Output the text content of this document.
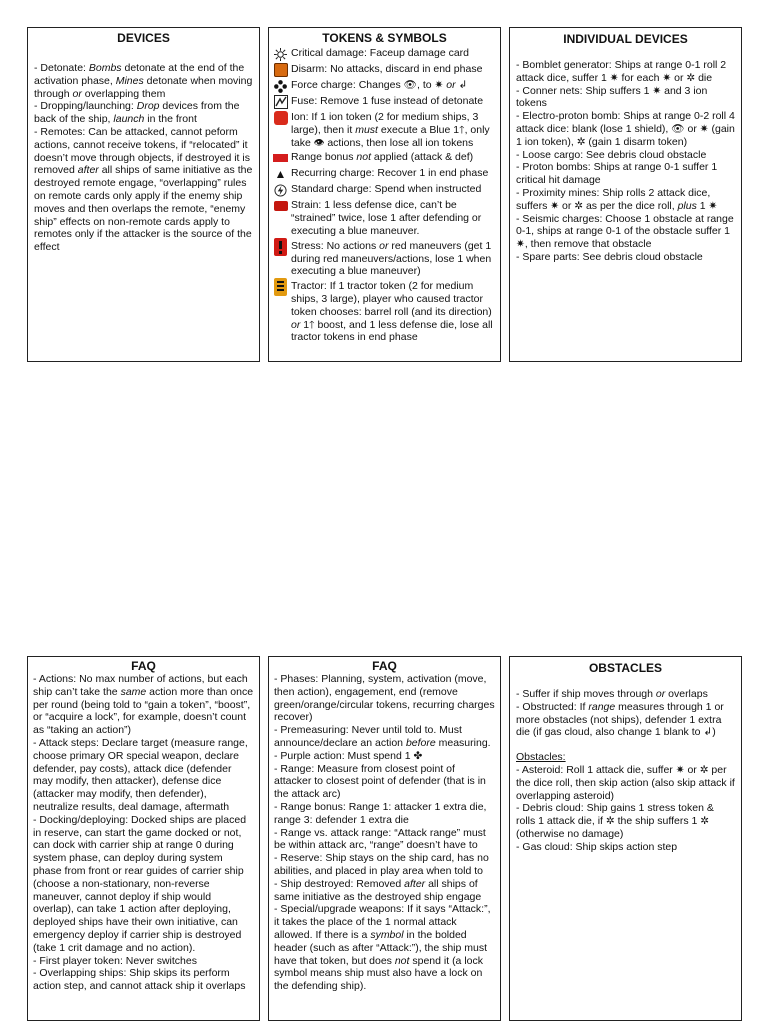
DEVICES

- Detonate: Bombs detonate at the end of the activation phase, Mines detonate when moving through or overlapping them

- Dropping/launching: Drop devices from the back of the ship, launch in the front

- Remotes: Can be attacked, cannot peform actions, cannot receive tokens, if “relocated” it doesn’t move through objects, if destroyed it is removed after all ships of same initiative as the destroyed remote engage, “overlapping” rules on remote cards only apply if the enemy ship moves and then overlaps the remote, “enemy ship” effects on non-remote cards apply to remotes only if the attacker is the source of the effect

TOKENS & SYMBOLS
Critical damage: Faceup damage card
Disarm: No attacks, discard in end phase
Force charge: Changes 👁, to ✷ or ↲
Fuse: Remove 1 fuse instead of detonate
Ion: If 1 ion token (2 for medium ships, 3 large), then it must execute a Blue 1🡑, only take 👁 actions, then lose all ion tokens
Range bonus not applied (attack & def)
▲ Recurring charge: Recover 1 in end phase
Standard charge: Spend when instructed
Strain: 1 less defense dice, can’t be “strained” twice, lose 1 after defending or executing a blue maneuver.
Stress: No actions or red maneuvers (get 1 during red maneuvers/actions, lose 1 when executing a blue maneuver)
Tractor: If 1 tractor token (2 for medium ships, 3 large), player who caused tractor token chooses: barrel roll (and its direction) or 1🡑 boost, and 1 less defense die, lose all tractor tokens in end phase
INDIVIDUAL DEVICES

- Bomblet generator: Ships at range 0-1 roll 2 attack dice, suffer 1 ✷ for each ✷ or ✲ die

- Conner nets: Ship suffers 1 ✷ and 3 ion tokens

- Electro-proton bomb: Ships at range 0-2 roll 4 attack dice: blank (lose 1 shield), 👁 or ✷ (gain 1 ion token), ✲ (gain 1 disarm token)

- Loose cargo: See debris cloud obstacle

- Proton bombs: Ships at range 0-1 suffer 1 critical hit damage

- Proximity mines: Ship rolls 2 attack dice, suffers ✷ or ✲ as per the dice roll, plus 1 ✷

- Seismic charges: Choose 1 obstacle at range 0-1, ships at range 0-1 of the obstacle suffer 1 ✷, then remove that obstacle

- Spare parts: See debris cloud obstacle

FAQ

- Actions: No max number of actions, but each ship can’t take the same action more than once per round (being told to “gain a token”, “boost”, or “acquire a lock”, for example, doesn’t count as “taking an action”)

- Attack steps: Declare target (measure range, choose primary OR special weapon, declare defender, pay costs), attack dice (defender may modify, then attacker), defense dice (attacker may modify, then defender), neutralize results, deal damage, aftermath

- Docking/deploying: Docked ships are placed in reserve, can start the game docked or not, can dock with carrier ship at range 0 during system phase, can deploy during system phase from front or rear guides of carrier ship (choose a non-stationary, non-reverse maneuver, cannot deploy if ship would overlap), can take 1 action after deploying, deployed ships have their own initiative, can emergency deploy if carrier ship is destroyed (take 1 crit damage and no action).

- First player token: Never switches

- Overlapping ships: Ship skips its perform action step, and cannot attack ship it overlaps

FAQ

- Phases: Planning, system, activation (move, then action), engagement, end (remove green/orange/circular tokens, recurring charges recover)

- Premeasuring: Never until told to. Must announce/declare an action before measuring.

- Purple action: Must spend 1 ✤

- Range: Measure from closest point of attacker to closest point of defender (that is in the attack arc)

- Range bonus: Range 1: attacker 1 extra die, range 3: defender 1 extra die

- Range vs. attack range: “Attack range” must be within attack arc, “range” doesn’t have to

- Reserve: Ship stays on the ship card, has no abilities, and placed in play area when told to

- Ship destroyed: Removed after all ships of same initiative as the destroyed ship engage

- Special/upgrade weapons: If it says “Attack:”, it takes the place of the 1 normal attack allowed. If there is a symbol in the bolded header (such as after “Attack:”), the ship must have that token, but does not spend it (a lock symbol means ship must also have a lock on the defending ship).

OBSTACLES

- Suffer if ship moves through or overlaps

- Obstructed: If range measures through 1 or more obstacles (not ships), defender 1 extra die (if gas cloud, also change 1 blank to ↲)

Obstacles:

- Asteroid: Roll 1 attack die, suffer ✷ or ✲ per the dice roll, then skip action (also skip attack if overlapping asteroid)

- Debris cloud: Ship gains 1 stress token & rolls 1 attack die, if ✲ the ship suffers 1 ✲ (otherwise no damage)

- Gas cloud: Ship skips action step
